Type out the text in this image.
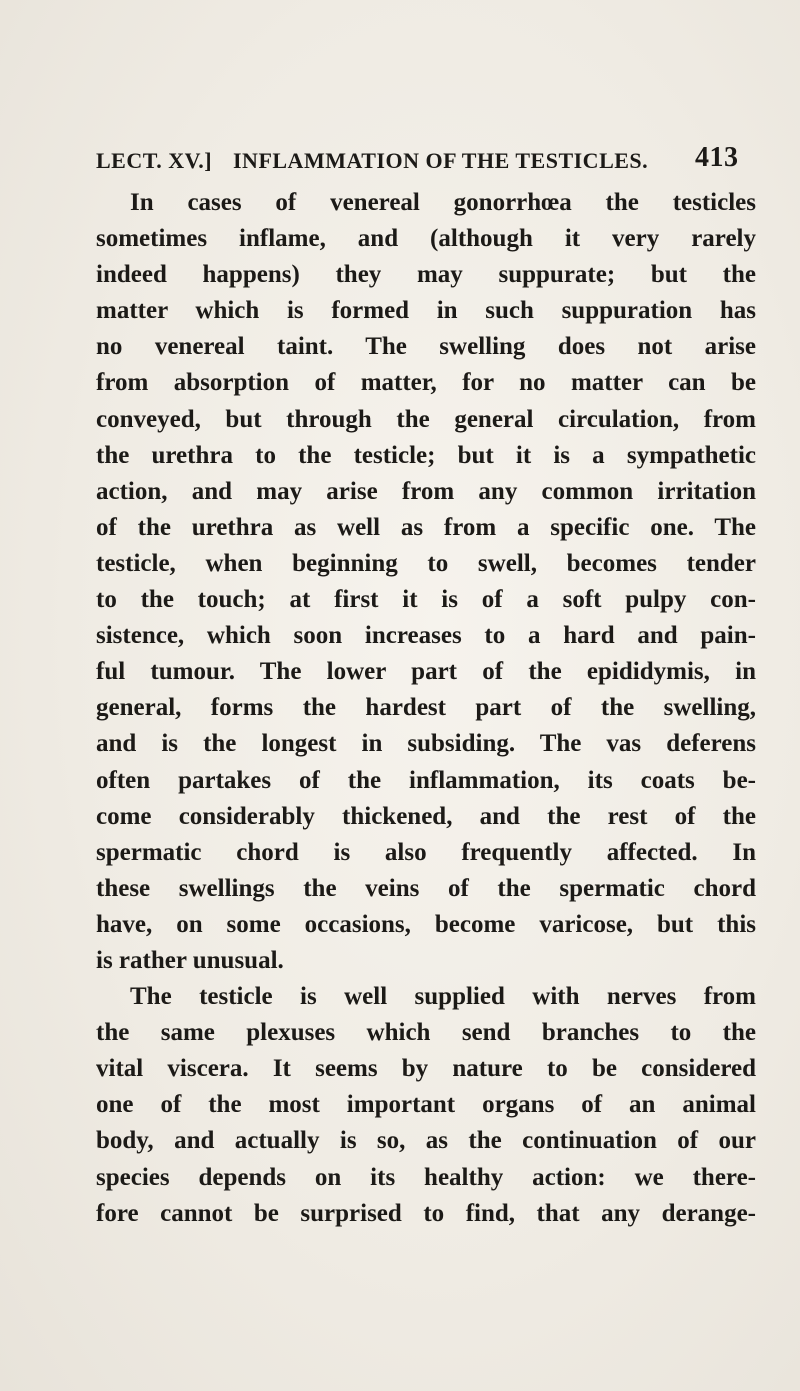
LECT. XV.] INFLAMMATION OF THE TESTICLES. 413
In cases of venereal gonorrhœa the testicles
sometimes inflame, and (although it very rarely
indeed happens) they may suppurate; but the
matter which is formed in such suppuration has
no venereal taint. The swelling does not arise
from absorption of matter, for no matter can be
conveyed, but through the general circulation, from
the urethra to the testicle; but it is a sympathetic
action, and may arise from any common irritation
of the urethra as well as from a specific one. The
testicle, when beginning to swell, becomes tender
to the touch; at first it is of a soft pulpy con-
sistence, which soon increases to a hard and pain-
ful tumour. The lower part of the epididymis, in
general, forms the hardest part of the swelling,
and is the longest in subsiding. The vas deferens
often partakes of the inflammation, its coats be-
come considerably thickened, and the rest of the
spermatic chord is also frequently affected. In
these swellings the veins of the spermatic chord
have, on some occasions, become varicose, but this
is rather unusual.
The testicle is well supplied with nerves from
the same plexuses which send branches to the
vital viscera. It seems by nature to be considered
one of the most important organs of an animal
body, and actually is so, as the continuation of our
species depends on its healthy action: we there-
fore cannot be surprised to find, that any derange-
